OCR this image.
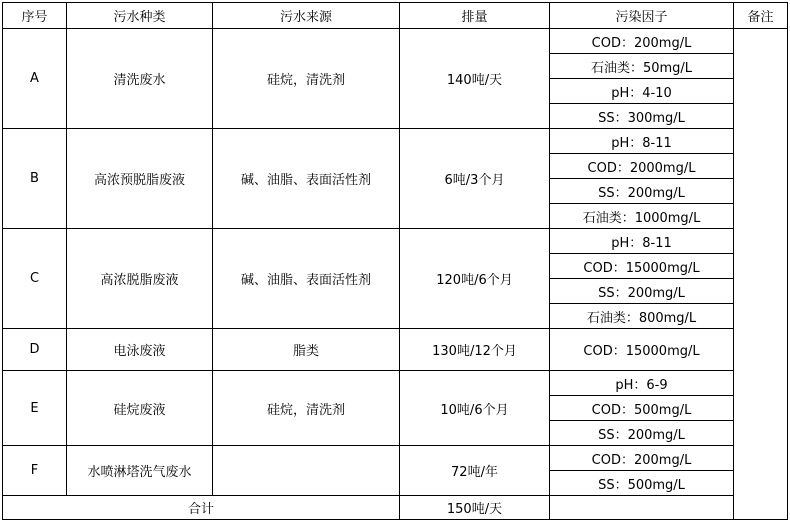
序号	污水种类	污水来源	排量	污染因子	备注
A	清洗废水	硅烷，清洗剂	140吨/天	COD：200mg/L	
				石油类：50mg/L	
				pH：4-10	
				SS：300mg/L	
B	高浓预脱脂废液	碱、油脂、表面活性剂	6吨/3个月	pH：8-11	
				COD：2000mg/L	
				SS：200mg/L	
				石油类：1000mg/L	
C	高浓脱脂废液	碱、油脂、表面活性剂	120吨/6个月	pH：8-11	
				COD：15000mg/L	
				SS：200mg/L	
				石油类：800mg/L	
D	电泳废液	脂类	130吨/12个月	COD：15000mg/L	
E	硅烷废液	硅烷，清洗剂	10吨/6个月	pH：6-9	
				COD：500mg/L	
				SS：200mg/L	
F	水喷淋塔洗气废水		72吨/年	COD：200mg/L	
				SS：500mg/L	
合计			150吨/天		
